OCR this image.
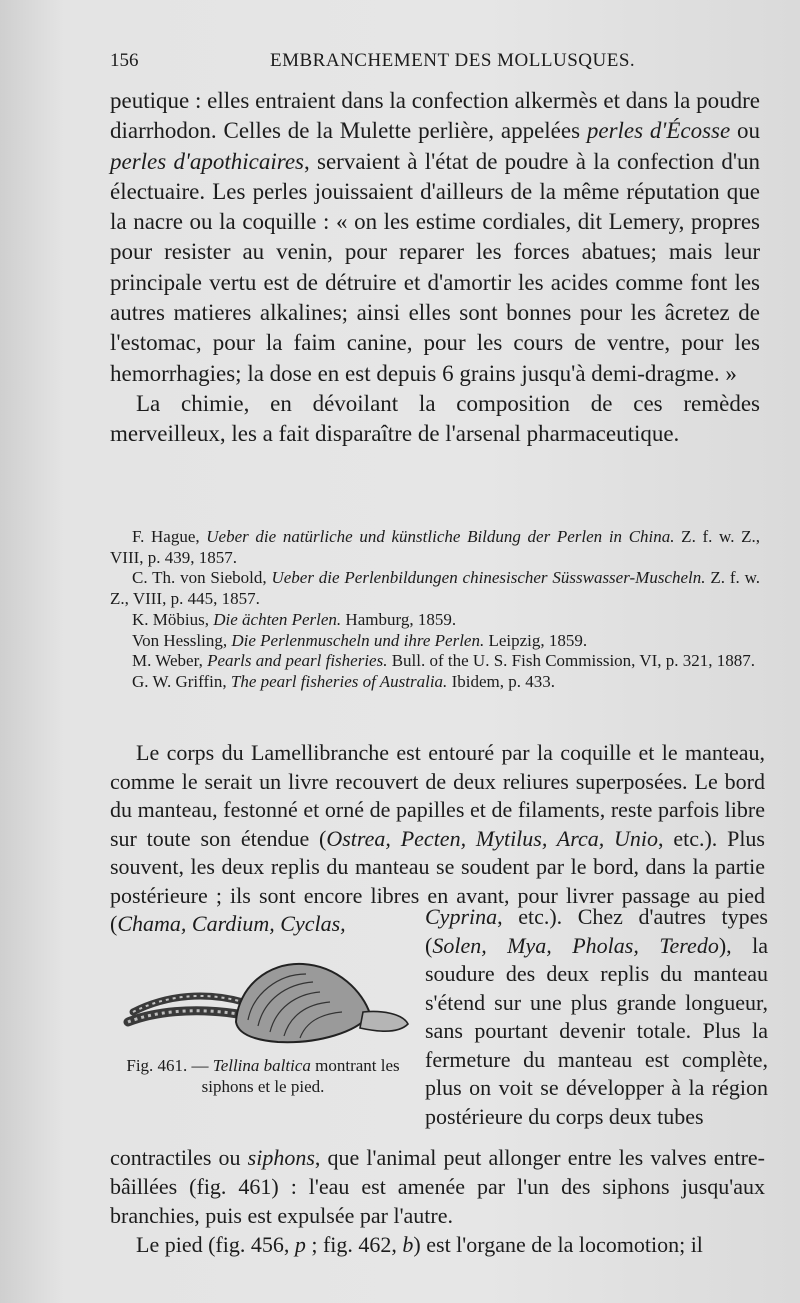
156	EMBRANCHEMENT DES MOLLUSQUES.

peutique : elles entraient dans la confection alkermès et dans la poudre diarrhodon. Celles de la Mulette perlière, appelées perles d'Écosse ou perles d'apothicaires, servaient à l'état de poudre à la confection d'un électuaire. Les perles jouissaient d'ailleurs de la même réputation que la nacre ou la coquille : « on les estime cordiales, dit Lemery, propres pour resister au venin, pour reparer les forces abatues; mais leur principale vertu est de détruire et d'amortir les acides comme font les autres matieres alkalines; ainsi elles sont bonnes pour les âcretez de l'estomac, pour la faim canine, pour les cours de ventre, pour les hemorrhagies; la dose en est depuis 6 grains jusqu'à demi-dragme. »

La chimie, en dévoilant la composition de ces remèdes merveilleux, les a fait disparaître de l'arsenal pharmaceutique.

F. Hague, Ueber die natürliche und künstliche Bildung der Perlen in China. Z. f. w. Z., VIII, p. 439, 1857.

C. Th. von Siebold, Ueber die Perlenbildungen chinesischer Süsswasser-Muscheln. Z. f. w. Z., VIII, p. 445, 1857.

K. Möbius, Die ächten Perlen. Hamburg, 1859.

Von Hessling, Die Perlenmuscheln und ihre Perlen. Leipzig, 1859.

M. Weber, Pearls and pearl fisheries. Bull. of the U. S. Fish Commission, VI, p. 321, 1887.

G. W. Griffin, The pearl fisheries of Australia. Ibidem, p. 433.

Le corps du Lamellibranche est entouré par la coquille et le manteau, comme le serait un livre recouvert de deux reliures superposées. Le bord du manteau, festonné et orné de papilles et de filaments, reste parfois libre sur toute son étendue (Ostrea, Pecten, Mytilus, Arca, Unio, etc.). Plus souvent, les deux replis du manteau se soudent par le bord, dans la partie postérieure ; ils sont encore libres en avant, pour livrer passage au pied (Chama, Cardium, Cyclas,	Cyprina, etc.). Chez d'autres types (Solen, Mya, Pholas, Teredo), la soudure des deux replis du manteau s'étend sur une plus grande longueur, sans pourtant devenir totale. Plus la fermeture du manteau est complète, plus on voit se développer à la région postérieure du corps deux tubes

Fig. 461. — Tellina baltica montrant les siphons et le pied.

contractiles ou siphons, que l'animal peut allonger entre les valves entre-bâillées (fig. 461) : l'eau est amenée par l'un des siphons jusqu'aux branchies, puis est expulsée par l'autre.

Le pied (fig. 456, p ; fig. 462, b) est l'organe de la locomotion; il
